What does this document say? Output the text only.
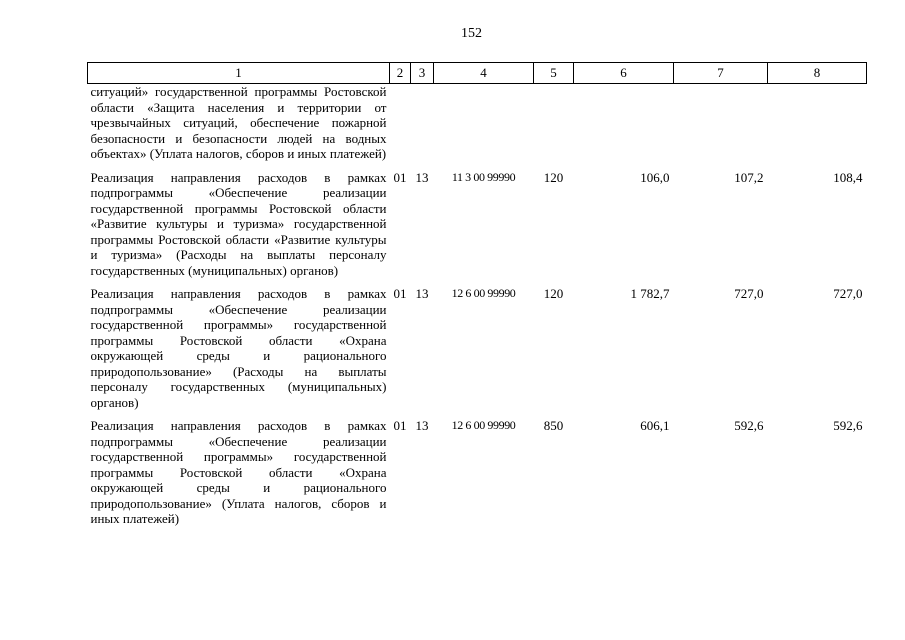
152
1	2	3	4	5	6	7	8
ситуаций» государственной программы Ростовской области «Защита населения и территории от чрезвычайных ситуаций, обеспечение пожарной безопасности и безопасности людей на водных объектах» (Уплата налогов, сборов и иных платежей)							
Реализация направления расходов в рамках подпрограммы «Обеспечение реализации государственной программы Ростовской области «Развитие культуры и туризма» государственной программы Ростовской области «Развитие культуры и туризма» (Расходы на выплаты персоналу государственных (муниципальных) органов)	01	13	11 3 00 99990	120	106,0	107,2	108,4
Реализация направления расходов в рамках подпрограммы «Обеспечение реализации государственной программы» государственной программы Ростовской области «Охрана окружающей среды и рационального природопользование» (Расходы на выплаты персоналу государственных (муниципальных) органов)	01	13	12 6 00 99990	120	1 782,7	727,0	727,0
Реализация направления расходов в рамках подпрограммы «Обеспечение реализации государственной программы» государственной программы Ростовской области «Охрана окружающей среды и рационального природопользование» (Уплата налогов, сборов и иных платежей)	01	13	12 6 00 99990	850	606,1	592,6	592,6
